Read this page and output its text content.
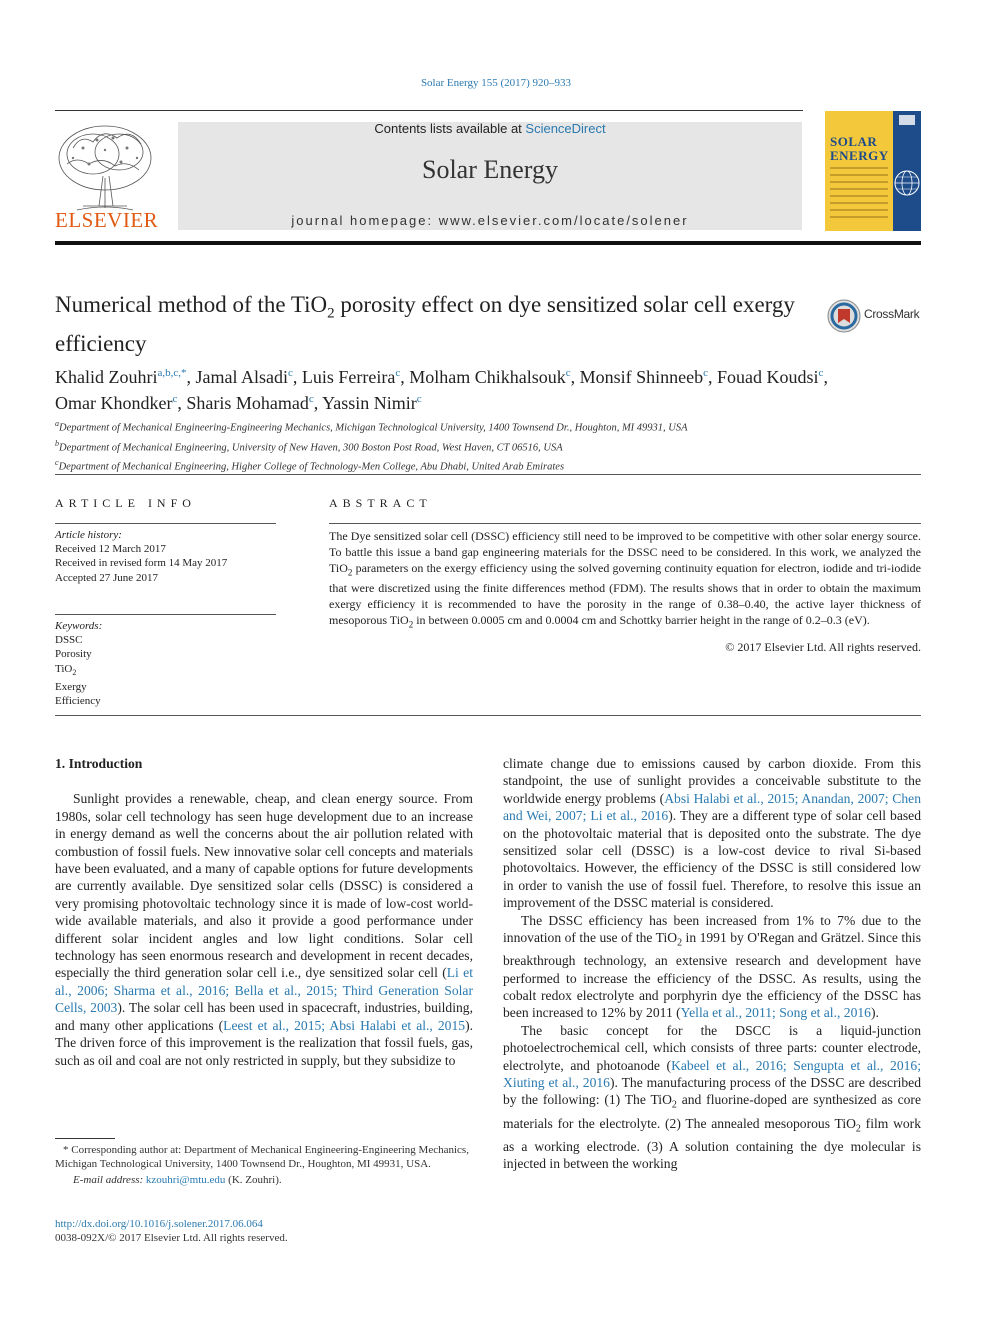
Solar Energy 155 (2017) 920–933
ELSEVIER
Contents lists available at ScienceDirect
Solar Energy
journal homepage: www.elsevier.com/locate/solener
SOLAR
ENERGY
Numerical method of the TiO$_2$ porosity effect on dye sensitized solar cell exergy efficiency
CrossMark
Khalid Zouhri$^{a,b,c,*}$, Jamal Alsadi$^c$, Luis Ferreira$^c$, Molham Chikhalsouk$^c$, Monsif Shinneeb$^c$, Fouad Koudsi$^c$,
Omar Khondker$^c$, Sharis Mohamad$^c$, Yassin Nimir$^c$
$^a$Department of Mechanical Engineering-Engineering Mechanics, Michigan Technological University, 1400 Townsend Dr., Houghton, MI 49931, USA
$^b$Department of Mechanical Engineering, University of New Haven, 300 Boston Post Road, West Haven, CT 06516, USA
$^c$Department of Mechanical Engineering, Higher College of Technology-Men College, Abu Dhabi, United Arab Emirates
ARTICLE INFO	ABSTRACT
Article history:
Received 12 March 2017
Received in revised form 14 May 2017
Accepted 27 June 2017
Keywords:
DSSC
Porosity
TiO$_2$
Exergy
Efficiency
The Dye sensitized solar cell (DSSC) efficiency still need to be improved to be competitive with other solar energy source. To battle this issue a band gap engineering materials for the DSSC need to be considered. In this work, we analyzed the TiO$_2$ parameters on the exergy efficiency using the solved governing continuity equation for electron, iodide and tri-iodide that were discretized using the finite differences method (FDM). The results shows that in order to obtain the maximum exergy efficiency it is recommended to have the porosity in the range of 0.38–0.40, the active layer thickness of mesoporous TiO$_2$ in between 0.0005 cm and 0.0004 cm and Schottky barrier height in the range of 0.2–0.3 (eV).
© 2017 Elsevier Ltd. All rights reserved.

1. Introduction

Sunlight provides a renewable, cheap, and clean energy source. From 1980s, solar cell technology has seen huge development due to an increase in energy demand as well the concerns about the air pollution related with combustion of fossil fuels. New innovative solar cell concepts and materials have been evaluated, and a many of capable options for future developments are currently available. Dye sensitized solar cells (DSSC) is considered a very promising photovoltaic technology since it is made of low-cost world-wide available materials, and also it provide a good performance under different solar incident angles and low light conditions. Solar cell technology has seen enormous research and development in recent decades, especially the third generation solar cell i.e., dye sensitized solar cell (Li et al., 2006; Sharma et al., 2016; Bella et al., 2015; Third Generation Solar Cells, 2003). The solar cell has been used in spacecraft, industries, building, and many other applications (Leest et al., 2015; Absi Halabi et al., 2015). The driven force of this improvement is the realization that fossil fuels, gas, such as oil and coal are not only restricted in supply, but they subsidize to

climate change due to emissions caused by carbon dioxide. From this standpoint, the use of sunlight provides a conceivable substitute to the worldwide energy problems (Absi Halabi et al., 2015; Anandan, 2007; Chen and Wei, 2007; Li et al., 2016). They are a different type of solar cell based on the photovoltaic material that is deposited onto the substrate. The dye sensitized solar cell (DSSC) is a low-cost device to rival Si-based photovoltaics. However, the efficiency of the DSSC is still considered low in order to vanish the use of fossil fuel. Therefore, to resolve this issue an improvement of the DSSC material is considered.

The DSSC efficiency has been increased from 1% to 7% due to the innovation of the use of the TiO$_2$ in 1991 by O'Regan and Grätzel. Since this breakthrough technology, an extensive research and development have performed to increase the efficiency of the DSSC. As results, using the cobalt redox electrolyte and porphyrin dye the efficiency of the DSSC has been increased to 12% by 2011 (Yella et al., 2011; Song et al., 2016).

The basic concept for the DSCC is a liquid-junction photoelectrochemical cell, which consists of three parts: counter electrode, electrolyte, and photoanode (Kabeel et al., 2016; Sengupta et al., 2016; Xiuting et al., 2016). The manufacturing process of the DSSC are described by the following: (1) The TiO$_2$ and fluorine-doped are synthesized as core materials for the electrolyte. (2) The annealed mesoporous TiO$_2$ film work as a working electrode. (3) A solution containing the dye molecular is injected in between the working

* Corresponding author at: Department of Mechanical Engineering-Engineering Mechanics, Michigan Technological University, 1400 Townsend Dr., Houghton, MI 49931, USA.
E-mail address: kzouhri@mtu.edu (K. Zouhri).
http://dx.doi.org/10.1016/j.solener.2017.06.064
0038-092X/© 2017 Elsevier Ltd. All rights reserved.
